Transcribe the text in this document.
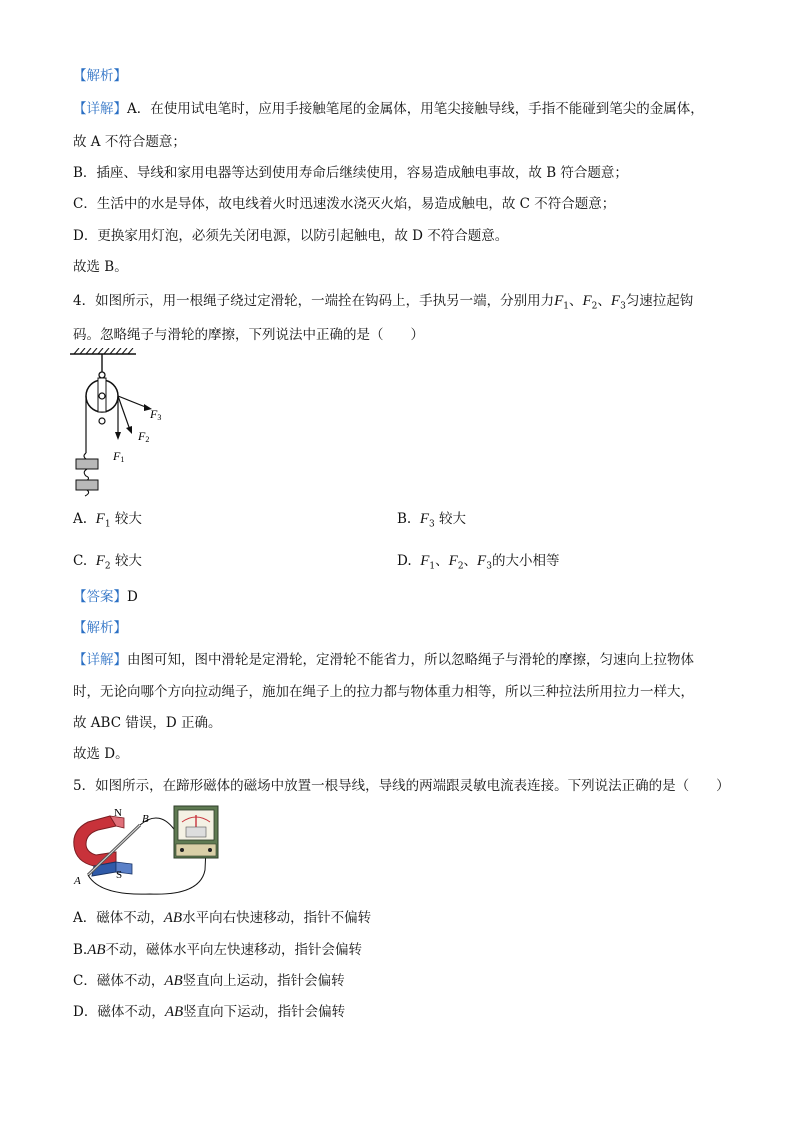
【解析】
【详解】A．在使用试电笔时，应用手接触笔尾的金属体，用笔尖接触导线，手指不能碰到笔尖的金属体，
故 A 不符合题意；
B．插座、导线和家用电器等达到使用寿命后继续使用，容易造成触电事故，故 B 符合题意；
C．生活中的水是导体，故电线着火时迅速泼水浇灭火焰，易造成触电，故 C 不符合题意；
D．更换家用灯泡，必须先关闭电源，以防引起触电，故 D 不符合题意。
故选 B。
4．如图所示，用一根绳子绕过定滑轮，一端拴在钩码上，手执另一端，分别用力$F_1$、$F_2$、$F_3$匀速拉起钩
码。忽略绳子与滑轮的摩擦，下列说法中正确的是（　　）
F1
F2
F3
A. $F_1$ 较大	B. $F_3$ 较大
C. $F_2$ 较大	D. $F_1$、$F_2$、$F_3$的大小相等
【答案】D
【解析】
【详解】由图可知，图中滑轮是定滑轮，定滑轮不能省力，所以忽略绳子与滑轮的摩擦，匀速向上拉物体
时，无论向哪个方向拉动绳子，施加在绳子上的拉力都与物体重力相等，所以三种拉法所用拉力一样大，
故 ABC 错误，D 正确。
故选 D。
5．如图所示，在蹄形磁体的磁场中放置一根导线，导线的两端跟灵敏电流表连接。下列说法正确的是（　　）
N
S
A
B
A．磁体不动，AB水平向右快速移动，指针不偏转
B.AB不动，磁体水平向左快速移动，指针会偏转
C．磁体不动，AB竖直向上运动，指针会偏转
D．磁体不动，AB竖直向下运动，指针会偏转
